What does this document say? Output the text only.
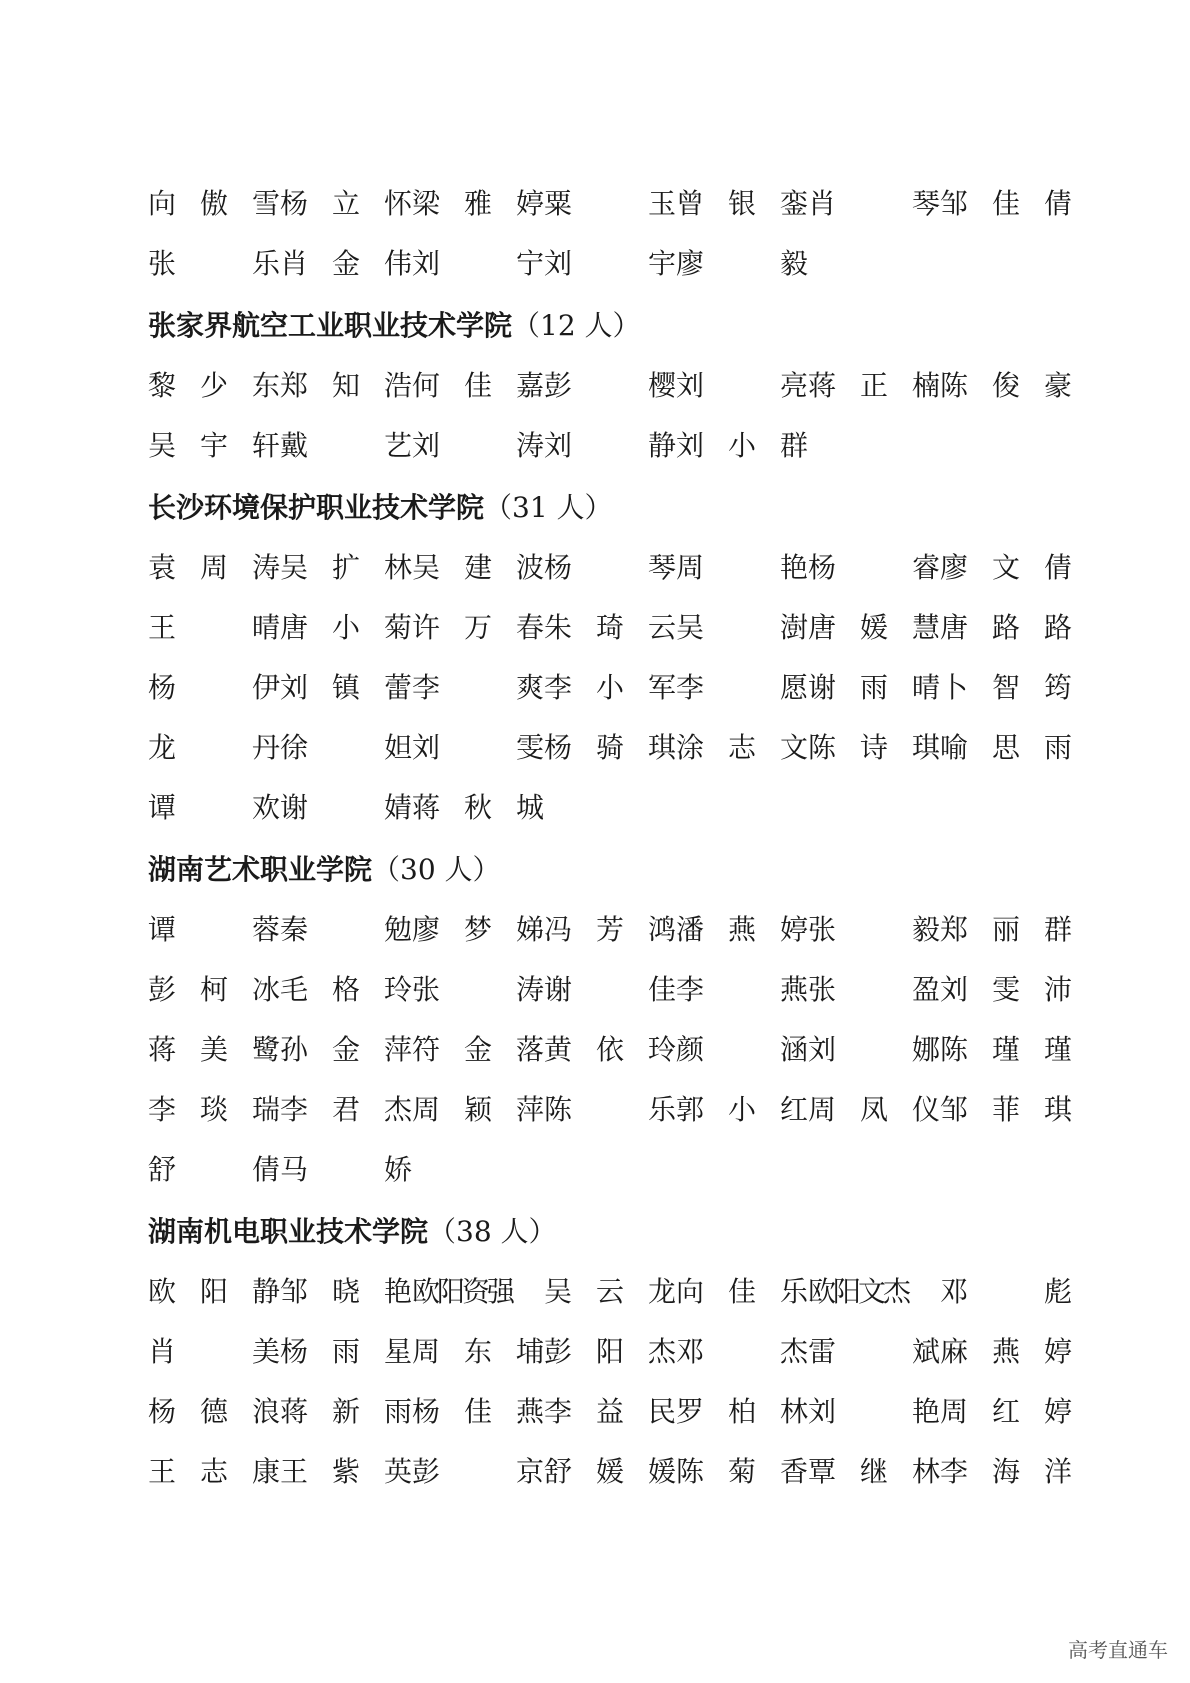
向 傲 雪 杨 立 怀 梁 雅 婷 粟	玉 曾 银 銮 肖	琴 邹 佳 倩
张	乐 肖 金 伟 刘	宁 刘	宇 廖	毅
张家界航空工业职业技术学院 （12 人）
黎 少 东 郑 知 浩 何 佳 嘉 彭	樱 刘	亮 蒋 正 楠 陈 俊 豪
吴 宇 轩 戴	艺 刘	涛 刘	静 刘 小 群
长沙环境保护职业技术学院 （31 人）
袁 周 涛 吴 扩 林 吴 建 波 杨	琴 周	艳 杨	睿 廖 文 倩
王	晴 唐 小 菊 许 万 春 朱 琦 云 吴	澍 唐 媛 慧 唐 路 路
杨	伊 刘 镇 蕾 李	爽 李 小 军 李	愿 谢 雨 晴 卜 智 筠
龙	丹 徐	妲 刘	雯 杨 骑 琪 涂 志 文 陈 诗 琪 喻 思 雨
谭	欢 谢	婧 蒋 秋 城
湖南艺术职业学院 （30 人）
谭	蓉 秦	勉 廖 梦 娣 冯 芳 鸿 潘 燕 婷 张	毅 郑 丽 群
彭 柯 冰 毛 格 玲 张	涛 谢	佳 李	燕 张	盈 刘 雯 沛
蒋 美 鹭 孙 金 萍 符 金 落 黄 依 玲 颜	涵 刘	娜 陈 瑾 瑾
李 琰 瑞 李 君 杰 周 颖 萍 陈	乐 郭 小 红 周 凤 仪 邹 菲 琪
舒	倩 马	娇
湖南机电职业技术学院 （38 人）
欧 阳 静 邹 晓 艳 欧阳资强 吴 云 龙 向 佳 乐 欧阳文杰 邓	彪
肖	美 杨 雨 星 周 东 埔 彭 阳 杰 邓	杰 雷	斌 麻 燕 婷
杨 德 浪 蒋 新 雨 杨 佳 燕 李 益 民 罗 柏 林 刘	艳 周 红 婷
王 志 康 王 紫 英 彭	京 舒 媛 媛 陈 菊 香 覃 继 林 李 海 洋
高考直通车
